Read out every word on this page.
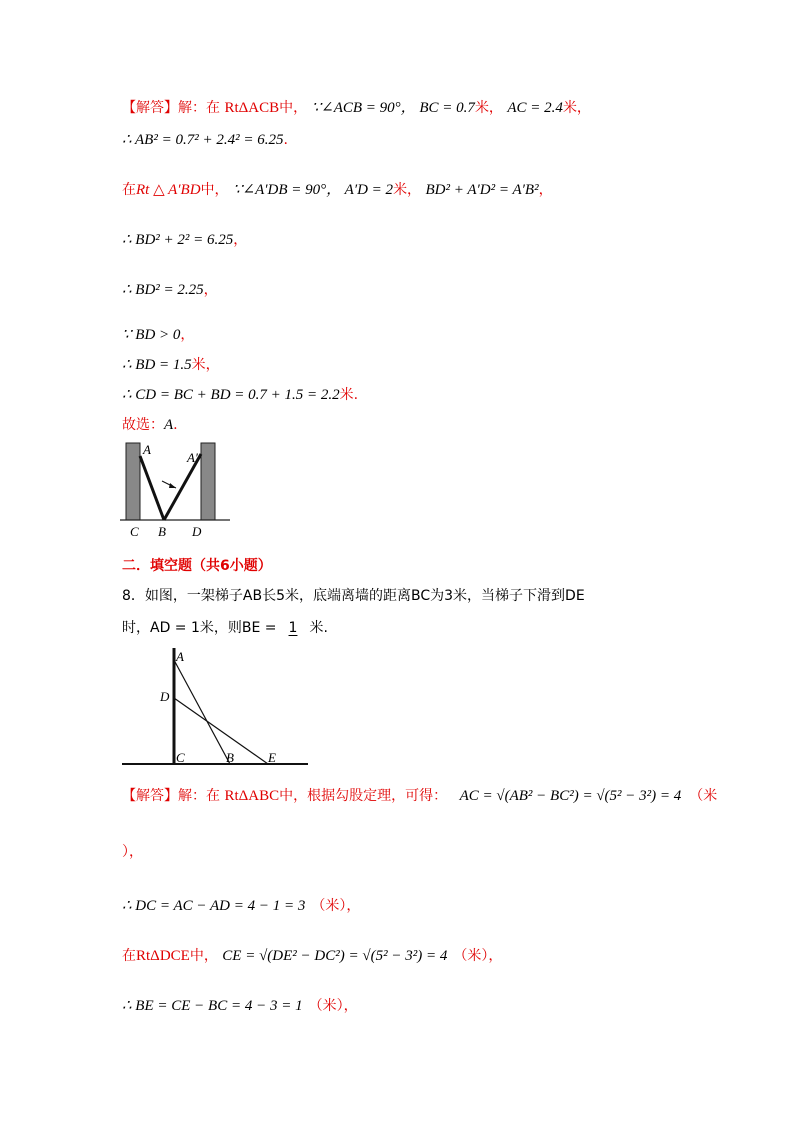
【解答】解：在 RtΔACB中， ∵∠ACB = 90°， BC = 0.7米， AC = 2.4米，
∴ AB² = 0.7² + 2.4² = 6.25.
在Rt △ A′BD中， ∵∠A′DB = 90°， A′D = 2米， BD² + A′D² = A′B²，
∴ BD² + 2² = 6.25，
∴ BD² = 2.25，
∵ BD > 0，
∴ BD = 1.5米，
∴ CD = BC + BD = 0.7 + 1.5 = 2.2米.
故选：A.
A
A′
C B D
二．填空题（共6小题）
8．如图，一架梯子AB长5米，底端离墙的距离BC为3米，当梯子下滑到DE
时，AD = 1米，则BE = 1 米.
A
D
C	B	E
【解答】解：在 RtΔABC中，根据勾股定理，可得： AC = √(AB² − BC²) = √(5² − 3²) = 4 （米
），
∴ DC = AC − AD = 4 − 1 = 3 （米），
在RtΔDCE中， CE = √(DE² − DC²) = √(5² − 3²) = 4 （米），
∴ BE = CE − BC = 4 − 3 = 1 （米），
